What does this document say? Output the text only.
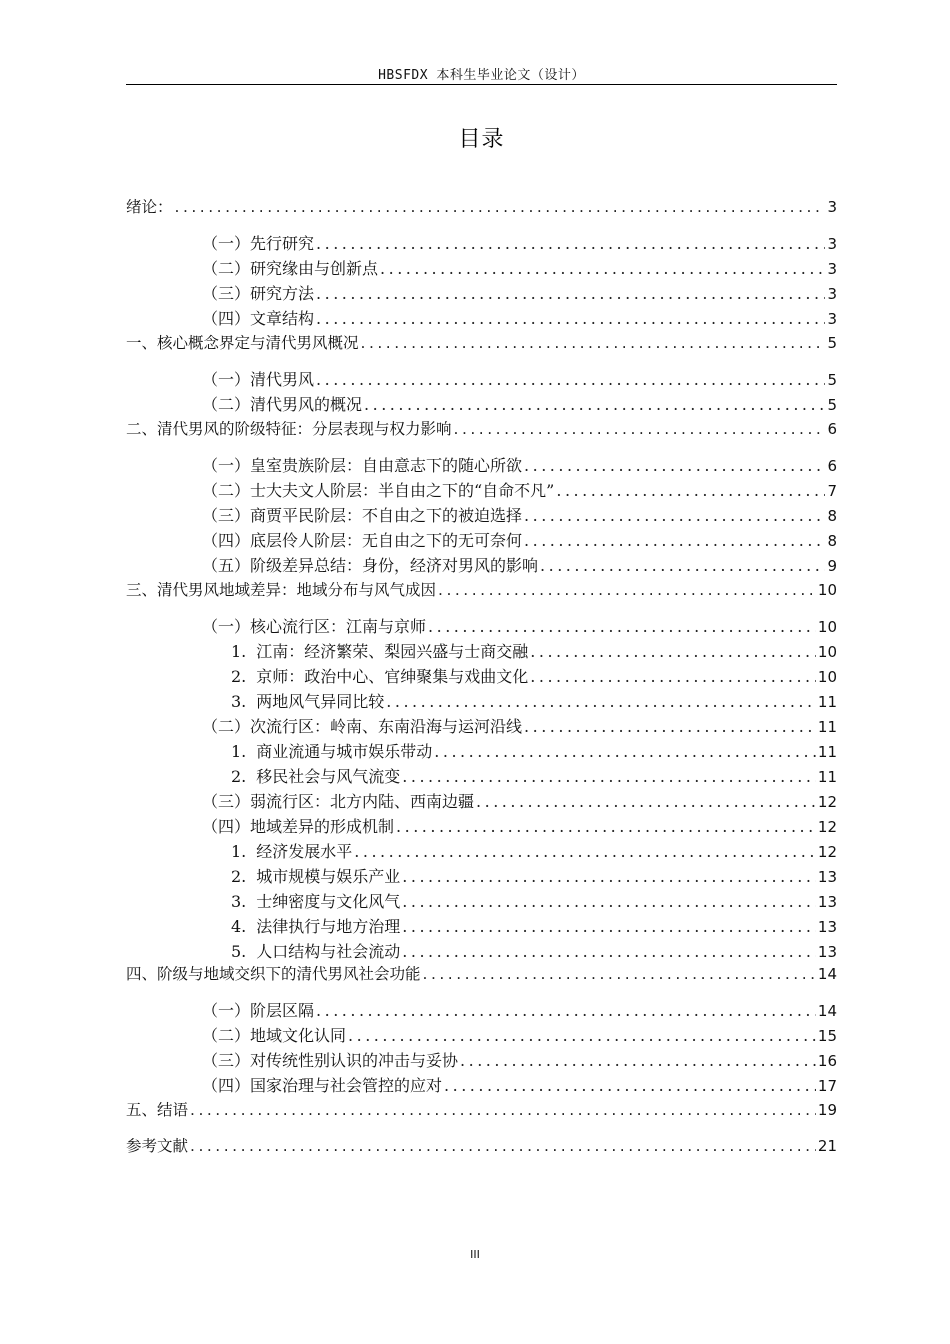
HBSFDX 本科生毕业论文（设计）
目录
绪论： .....	3
（一）先行研究 .....	3
（二）研究缘由与创新点 .....	3
（三）研究方法 .....	3
（四）文章结构 .....	3
一、核心概念界定与清代男风概况 .....	5
（一）清代男风 .....	5
（二）清代男风的概况 .....	5
二、清代男风的阶级特征：分层表现与权力影响 .....	6
（一）皇室贵族阶层：自由意志下的随心所欲 .....	6
（二）士大夫文人阶层：半自由之下的“自命不凡” .....	7
（三）商贾平民阶层：不自由之下的被迫选择 .....	8
（四）底层伶人阶层：无自由之下的无可奈何 .....	8
（五）阶级差异总结：身份，经济对男风的影响 .....	9
三、清代男风地域差异：地域分布与风气成因 .....	10
（一）核心流行区：江南与京师 .....	10
1. 江南：经济繁荣、梨园兴盛与士商交融 .....	10
2. 京师：政治中心、官绅聚集与戏曲文化 .....	10
3. 两地风气异同比较 .....	11
（二）次流行区：岭南、东南沿海与运河沿线 .....	11
1. 商业流通与城市娱乐带动 .....	11
2. 移民社会与风气流变 .....	11
（三）弱流行区：北方内陆、西南边疆 .....	12
（四）地域差异的形成机制 .....	12
1. 经济发展水平 .....	12
2. 城市规模与娱乐产业 .....	13
3. 士绅密度与文化风气 .....	13
4. 法律执行与地方治理 .....	13
5. 人口结构与社会流动 .....	13
四、阶级与地域交织下的清代男风社会功能 .....	14
（一）阶层区隔 .....	14
（二）地域文化认同 .....	15
（三）对传统性别认识的冲击与妥协 .....	16
（四）国家治理与社会管控的应对 .....	17
五、结语 .....	19
参考文献 .....	21
III
